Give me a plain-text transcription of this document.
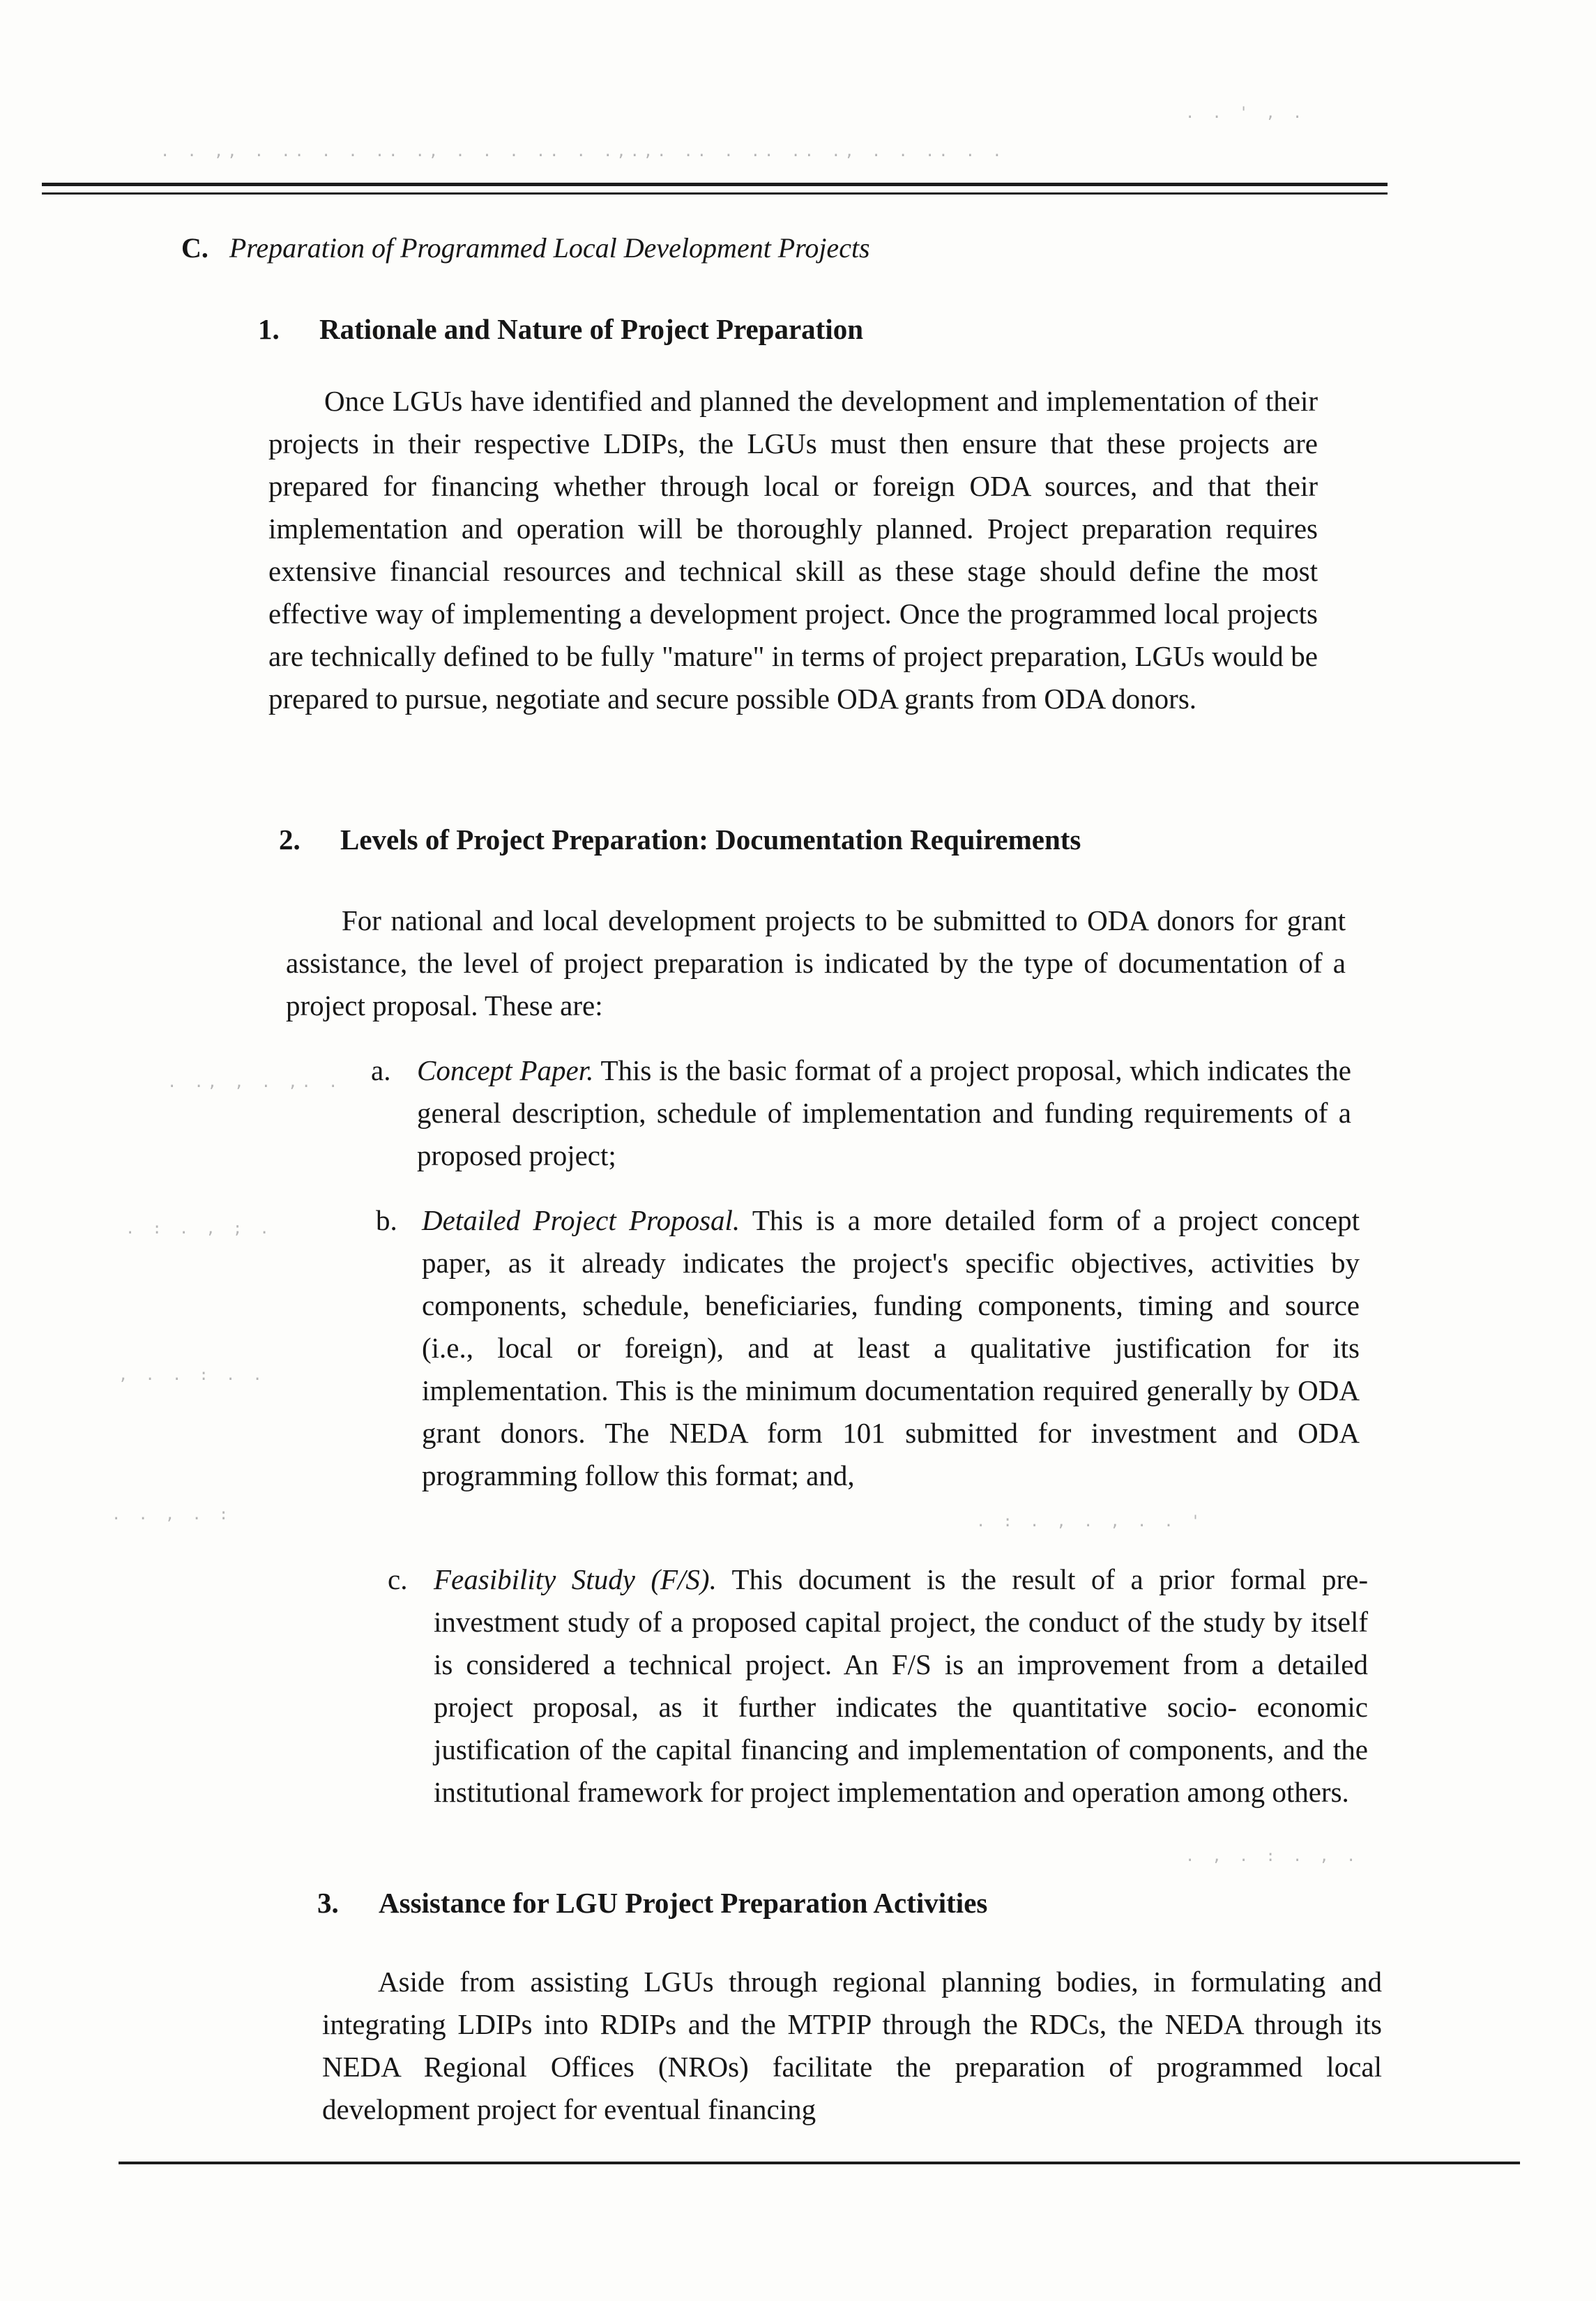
. . ,, . .. . . .. ., . . . .. . .,.,. .. . .. .. ., . . .. . .
. . ' , .
. ., , . ,. .
. : . , ; .
, . . : . .
. . , . :	. : . , . , . . '
. , . : . , .
C. Preparation of Programmed Local Development Projects
1. Rationale and Nature of Project Preparation

Once LGUs have identified and planned the development and implementation of their projects in their respective LDIPs, the LGUs must then ensure that these projects are prepared for financing whether through local or foreign ODA sources, and that their implementation and operation will be thoroughly planned. Project preparation requires extensive financial resources and technical skill as these stage should define the most effective way of implementing a development project. Once the programmed local projects are technically defined to be fully "mature" in terms of project preparation, LGUs would be prepared to pursue, negotiate and secure possible ODA grants from ODA donors.

2. Levels of Project Preparation: Documentation Requirements

For national and local development projects to be submitted to ODA donors for grant assistance, the level of project preparation is indicated by the type of documentation of a project proposal. These are:

a. Concept Paper. This is the basic format of a project proposal, which indicates the general description, schedule of implementation and funding requirements of a proposed project;
b. Detailed Project Proposal. This is a more detailed form of a project concept paper, as it already indicates the project's specific objectives, activities by components, schedule, beneficiaries, funding components, timing and source (i.e., local or foreign), and at least a qualitative justification for its implementation. This is the minimum documentation required generally by ODA grant donors. The NEDA form 101 submitted for investment and ODA programming follow this format; and,
c. Feasibility Study (F/S). This document is the result of a prior formal pre-investment study of a proposed capital project, the conduct of the study by itself is considered a technical project. An F/S is an improvement from a detailed project proposal, as it further indicates the quantitative socio- economic justification of the capital financing and implementation of components, and the institutional framework for project implementation and operation among others.
3. Assistance for LGU Project Preparation Activities

Aside from assisting LGUs through regional planning bodies, in formulating and integrating LDIPs into RDIPs and the MTPIP through the RDCs, the NEDA through its NEDA Regional Offices (NROs) facilitate the preparation of programmed local development project for eventual financing
